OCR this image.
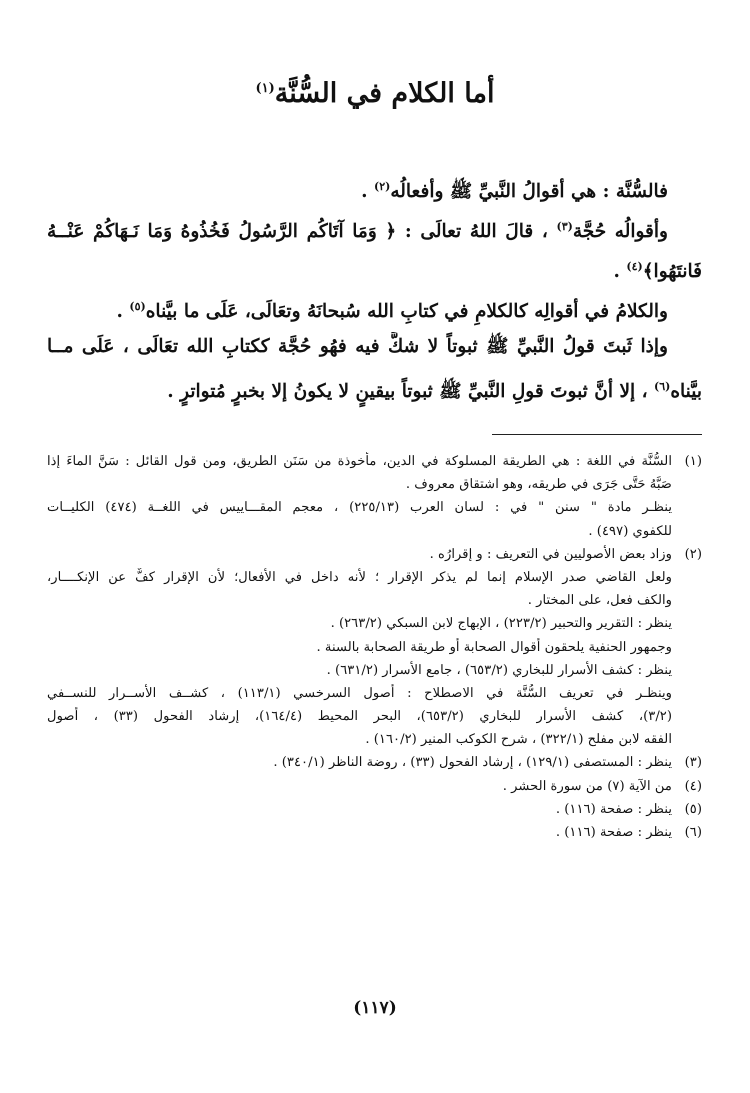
أما الكلام في السُّنَّة$^{(١)}$
فالسُّنَّة : هي أقوالُ النَّبيِّ ﷺ وأفعالُه$^{(٢)}$ .
وأقوالُه حُجَّة$^{(٣)}$ ، قالَ اللهُ تعالَى : ﴿ وَمَا آتَاكُم الرَّسُولُ فَخُذُوهُ وَمَا نَـهَاكُمْ عَنْــهُ
فَانتَهُوا﴾$^{(٤)}$ .
والكلامُ في أقوالِه كالكلامِ في كتابِ الله سُبحانَهُ وتعَالَى، عَلَى ما بيَّناه$^{(٥)}$ .
وإذا ثَبتَ قولُ النَّبيِّ ﷺ ثبوتاً لا شكَّ فيه فهُو حُجَّة ككتابِ الله تعَالَى ، عَلَى مــا
بيَّناه$^{(٦)}$ ، إلا أنَّ ثبوتَ قولِ النَّبيِّ ﷺ ثبوتاً بيقينٍ لا يكونُ إلا بخبرٍ مُتواترٍ .
(١)السُّنَّة في اللغة : هي الطريقة المسلوكة في الدين، مأخوذة من سَنَن الطريق، ومن قول القائل : سَنَّ الماءَ إذا
صَبَّهُ حَتَّى جَرَى في طريقه، وهو اشتقاق معروف .
ينظـر مادة " سنن " في : لسان العرب (٢٢٥/١٣) ، معجم المقـــاييس في اللغــة (٤٧٤) الكليــات
للكفوي (٤٩٧) .
(٢)وزاد بعض الأصوليين في التعريف : و إقرارُه .
ولعل القاضي صدر الإسلام إنما لم يذكر الإقرار ؛ لأنه داخل في الأفعال؛ لأن الإقرار كفٌّ عن الإنكــــار،
والكف فعل، على المختار .
ينظر : التقرير والتحبير (٢٢٣/٢) ، الإبهاج لابن السبكي (٢٦٣/٢) .
وجمهور الحنفية يلحقون أقوال الصحابة أو طريقة الصحابة بالسنة .
ينظر : كشف الأسرار للبخاري (٦٥٣/٢) ، جامع الأسرار (٦٣١/٢) .
وينظـر في تعريف السُّنَّة في الاصطلاح : أصول السرخسي (١١٣/١) ، كشــف الأســرار للنســفي
(٣/٢)، كشف الأسرار للبخاري (٦٥٣/٢)، البحر المحيط (١٦٤/٤)، إرشاد الفحول (٣٣) ، أصول
الفقه لابن مفلح (٣٢٢/١) ، شرح الكوكب المنير (١٦٠/٢) .
(٣)ينظر : المستصفى (١٢٩/١) ، إرشاد الفحول (٣٣) ، روضة الناظر (٣٤٠/١) .
(٤)من الآية (٧) من سورة الحشر .
(٥)ينظر : صفحة (١١٦) .
(٦)ينظر : صفحة (١١٦) .
(١١٧)
